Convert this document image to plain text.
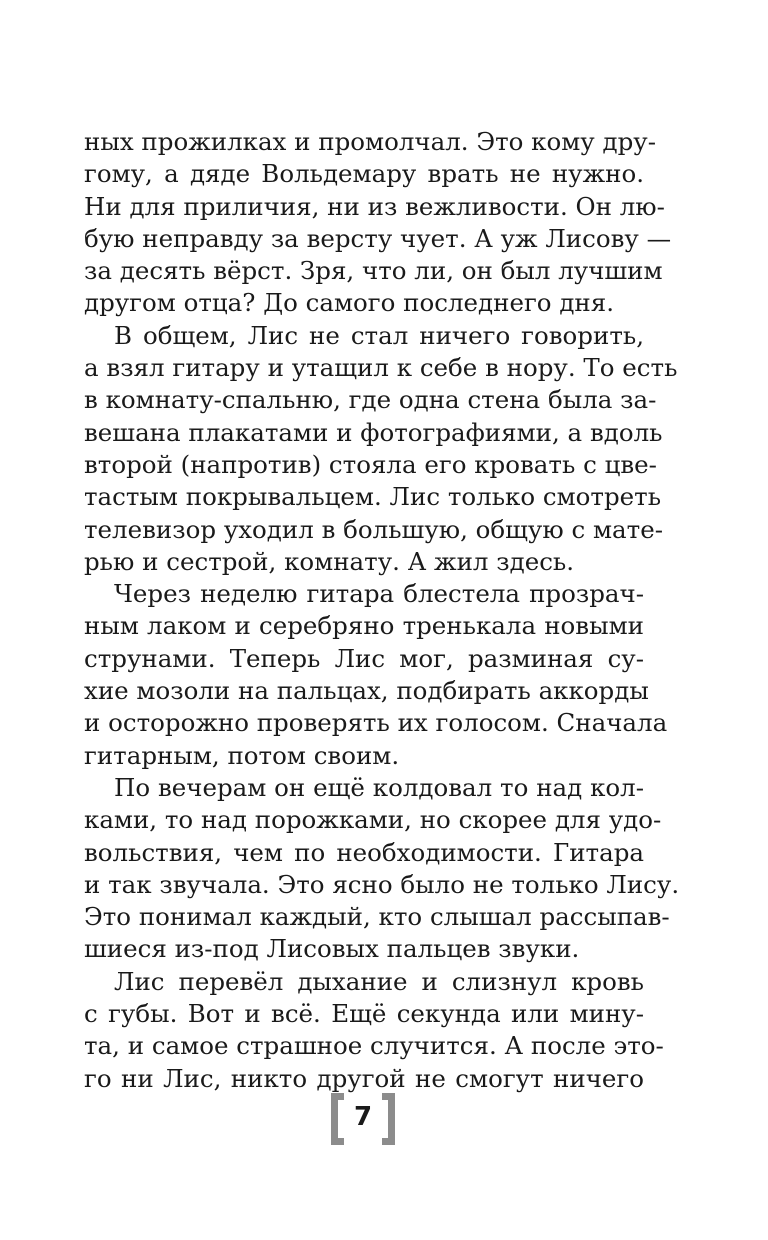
ных прожилках и промолчал. Это кому дру-
гому, а дяде Вольдемару врать не нужно.
Ни для приличия, ни из вежливости. Он лю-
бую неправду за версту чует. А уж Лисову —
за десять вёрст. Зря, что ли, он был лучшим
другом отца? До самого последнего дня.
В общем, Лис не стал ничего говорить,
а взял гитару и утащил к себе в нору. То есть
в комнату-спальню, где одна стена была за-
вешана плакатами и фотографиями, а вдоль
второй (напротив) стояла его кровать с цве-
тастым покрывальцем. Лис только смотреть
телевизор уходил в большую, общую с мате-
рью и сестрой, комнату. А жил здесь.
Через неделю гитара блестела прозрач-
ным лаком и серебряно тренькала новыми
струнами. Теперь Лис мог, разминая су-
хие мозоли на пальцах, подбирать аккорды
и осторожно проверять их голосом. Сначала
гитарным, потом своим.
По вечерам он ещё колдовал то над кол-
ками, то над порожками, но скорее для удо-
вольствия, чем по необходимости. Гитара
и так звучала. Это ясно было не только Лису.
Это понимал каждый, кто слышал рассыпав-
шиеся из-под Лисовых пальцев звуки.
Лис перевёл дыхание и слизнул кровь
с губы. Вот и всё. Ещё секунда или мину-
та, и самое страшное случится. А после это-
го ни Лис, никто другой не смогут ничего
7
